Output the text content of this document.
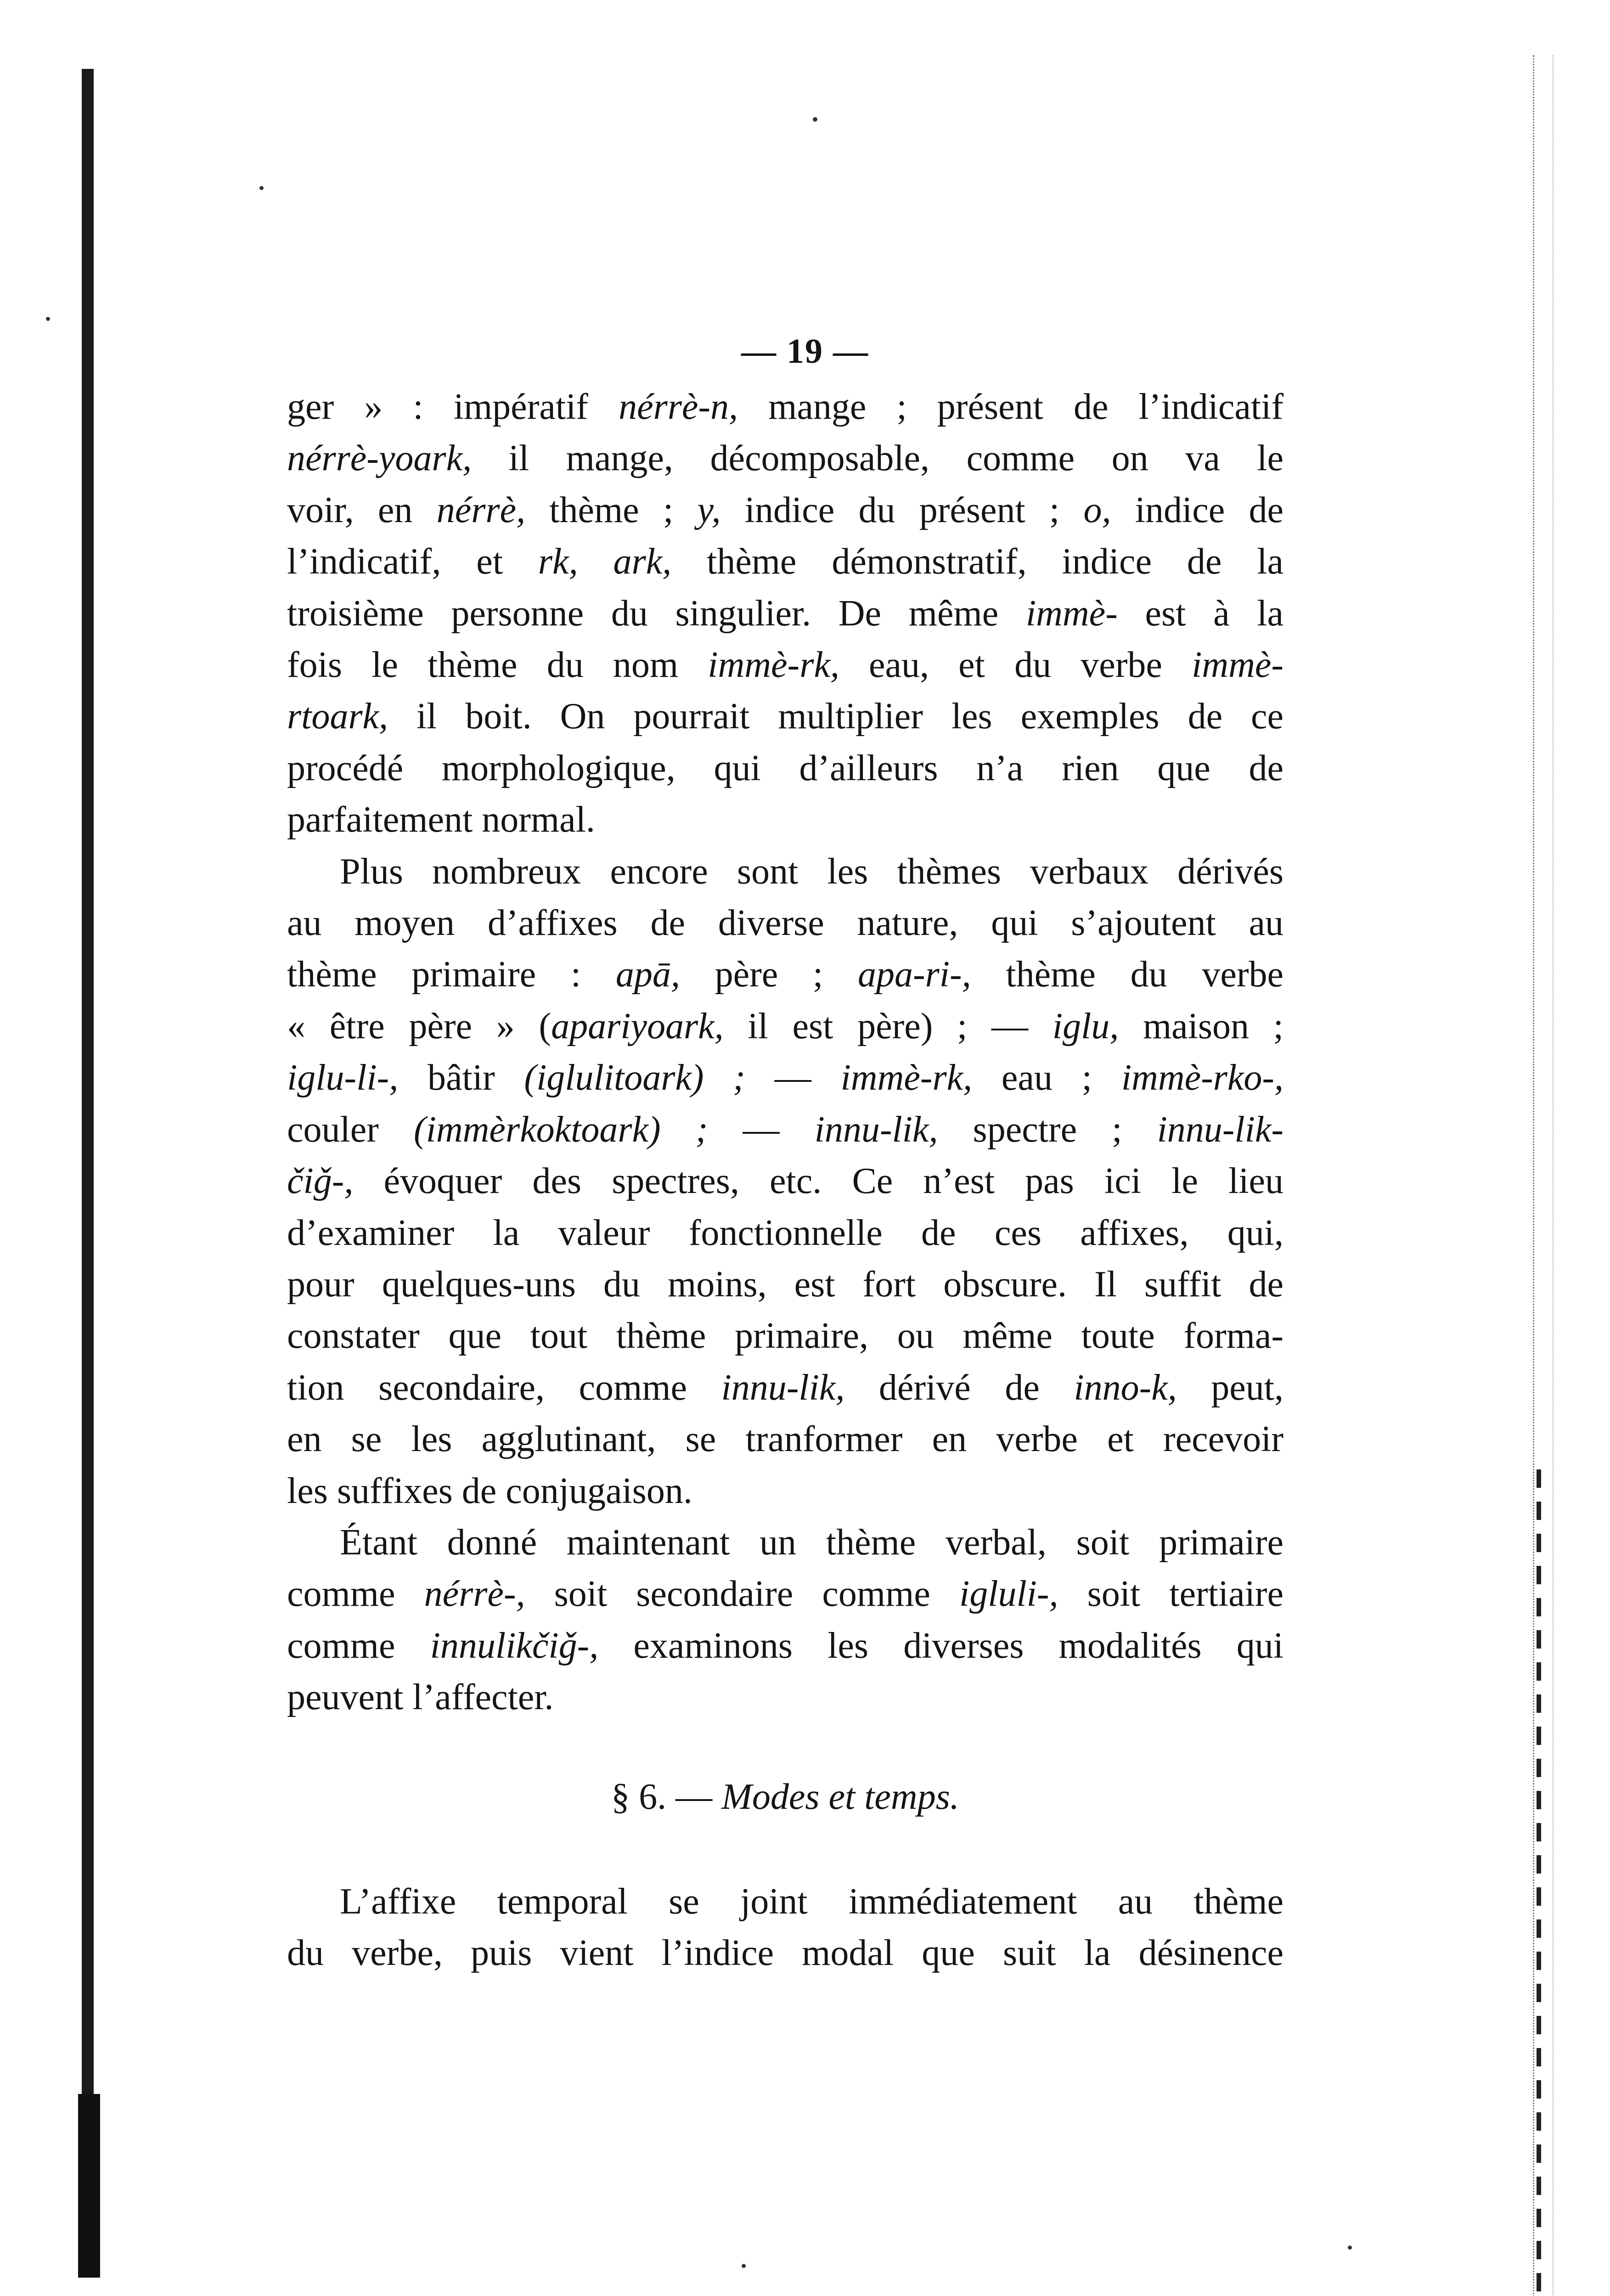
— 19 —

ger » : impératif nérrè-n, mange ; présent de l’indicatif
nérrè-yoark, il mange, décomposable, comme on va le
voir, en nérrè, thème ; y, indice du présent ; o, indice de
l’indicatif, et rk, ark, thème démonstratif, indice de la
troisième personne du singulier. De même immè- est à la
fois le thème du nom immè-rk, eau, et du verbe immè-
rtoark, il boit. On pourrait multiplier les exemples de ce
procédé morphologique, qui d’ailleurs n’a rien que de
parfaitement normal.

Plus nombreux encore sont les thèmes verbaux dérivés
au moyen d’affixes de diverse nature, qui s’ajoutent au
thème primaire : apā, père ; apa-ri-, thème du verbe
« être père » (apariyoark, il est père) ; — iglu, maison ;
iglu-li-, bâtir (iglulitoark) ; — immè-rk, eau ; immè-rko-,
couler (immèrkoktoark) ; — innu-lik, spectre ; innu-lik-
čiǧ-, évoquer des spectres, etc. Ce n’est pas ici le lieu
d’examiner la valeur fonctionnelle de ces affixes, qui,
pour quelques-uns du moins, est fort obscure. Il suffit de
constater que tout thème primaire, ou même toute forma-
tion secondaire, comme innu-lik, dérivé de inno-k, peut,
en se les agglutinant, se tranformer en verbe et recevoir
les suffixes de conjugaison.

Étant donné maintenant un thème verbal, soit primaire
comme nérrè-, soit secondaire comme igluli-, soit tertiaire
comme innulikčiǧ-, examinons les diverses modalités qui
peuvent l’affecter.

§ 6. — Modes et temps.

L’affixe temporal se joint immédiatement au thème
du verbe, puis vient l’indice modal que suit la désinence
